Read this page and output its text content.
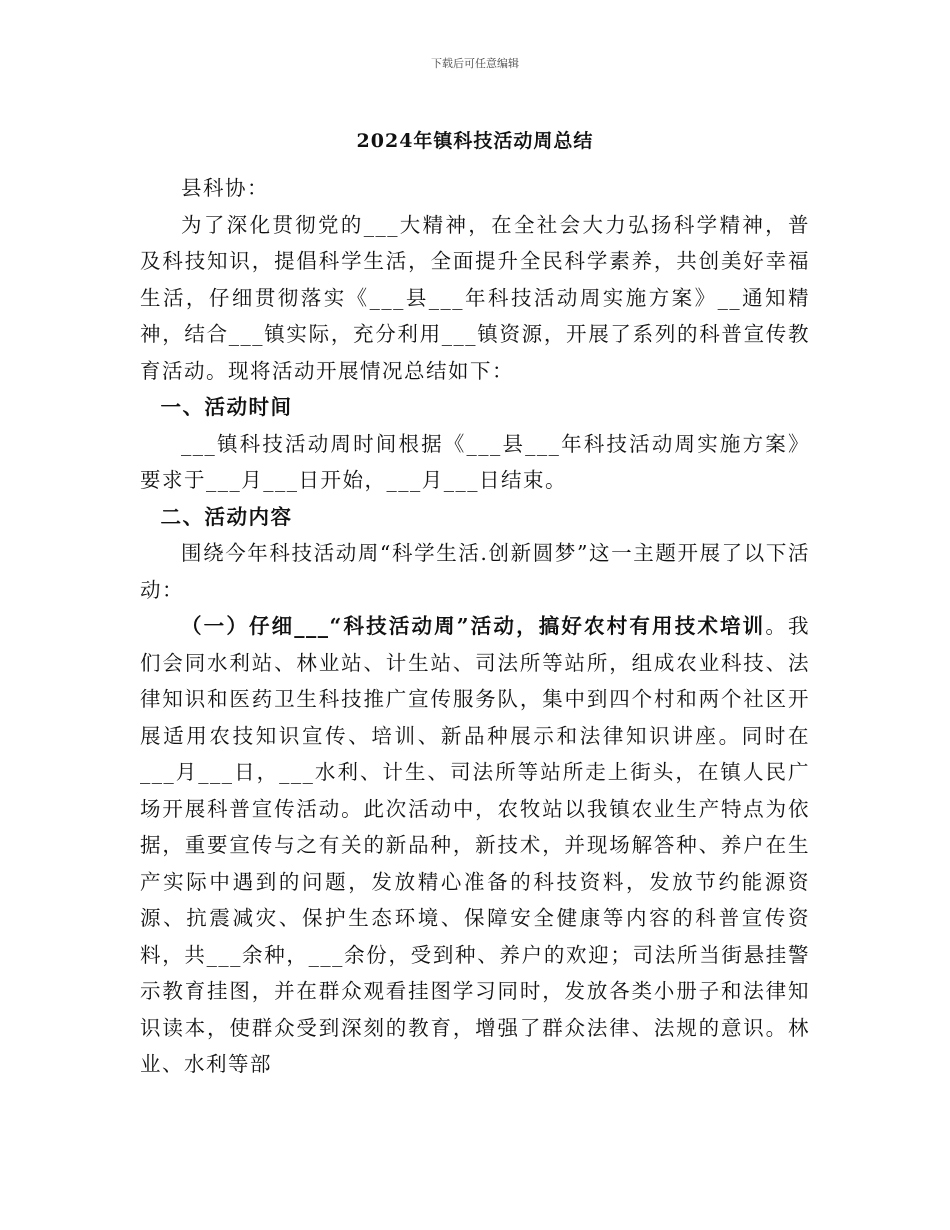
下载后可任意编辑
2024年镇科技活动周总结

县科协：

为了深化贯彻党的___大精神，在全社会大力弘扬科学精神，普及科技知识，提倡科学生活，全面提升全民科学素养，共创美好幸福生活，仔细贯彻落实《___县___年科技活动周实施方案》__通知精神，结合___镇实际，充分利用___镇资源，开展了系列的科普宣传教育活动。现将活动开展情况总结如下：

一、活动时间

___镇科技活动周时间根据《___县___年科技活动周实施方案》要求于___月___日开始，___月___日结束。

二、活动内容

围绕今年科技活动周“科学生活.创新圆梦”这一主题开展了以下活动：

（一）仔细___“科技活动周”活动，搞好农村有用技术培训。我们会同水利站、林业站、计生站、司法所等站所，组成农业科技、法律知识和医药卫生科技推广宣传服务队，集中到四个村和两个社区开展适用农技知识宣传、培训、新品种展示和法律知识讲座。同时在___月___日，___水利、计生、司法所等站所走上街头，在镇人民广场开展科普宣传活动。此次活动中，农牧站以我镇农业生产特点为依据，重要宣传与之有关的新品种，新技术，并现场解答种、养户在生产实际中遇到的问题，发放精心准备的科技资料，发放节约能源资源、抗震减灾、保护生态环境、保障安全健康等内容的科普宣传资料，共___余种，___余份，受到种、养户的欢迎；司法所当街悬挂警示教育挂图，并在群众观看挂图学习同时，发放各类小册子和法律知识读本，使群众受到深刻的教育，增强了群众法律、法规的意识。林业、水利等部
